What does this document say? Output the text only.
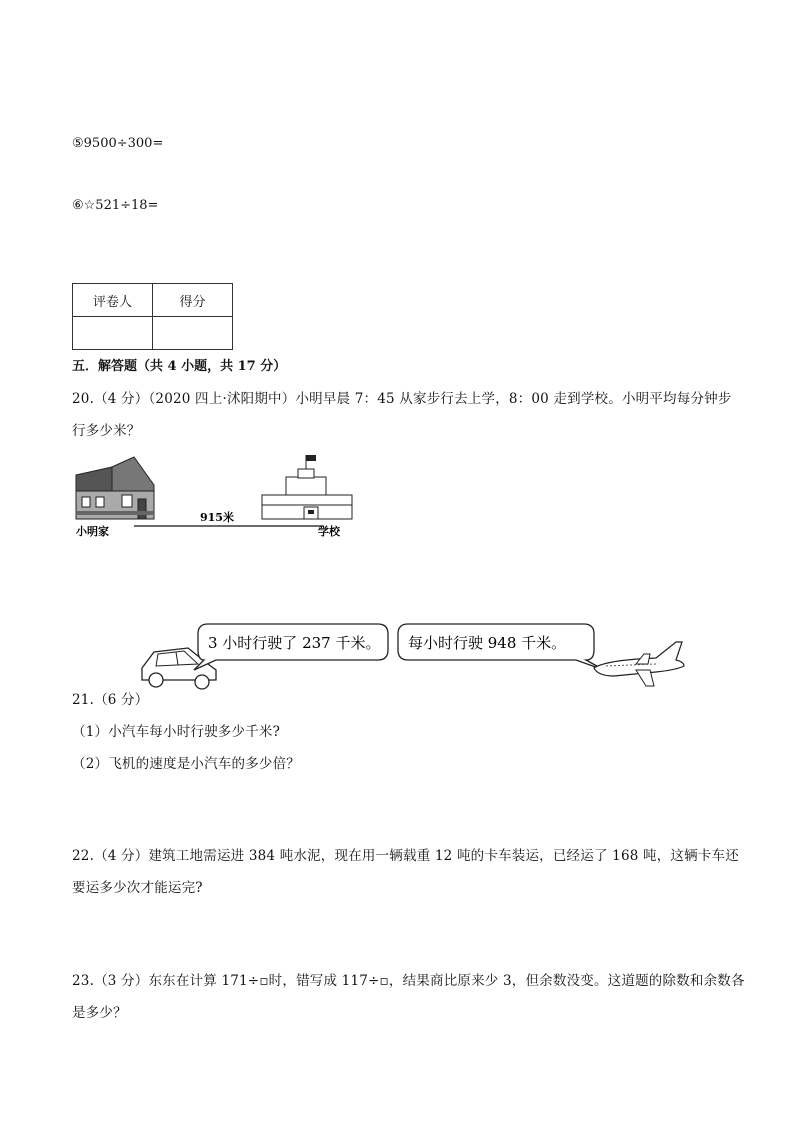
⑤9500÷300=
⑥☆521÷18=
评卷人	得分

五．解答题（共 4 小题，共 17 分）
20.（4 分）（2020 四上·沭阳期中）小明早晨 7：45 从家步行去上学，8：00 走到学校。小明平均每分钟步
行多少米？
小明家
915米
学校
3 小时行驶了 237 千米。 每小时行驶 948 千米。
21.（6 分）
（1）小汽车每小时行驶多少千米?
（2）飞机的速度是小汽车的多少倍？
22.（4 分）建筑工地需运进 384 吨水泥，现在用一辆载重 12 吨的卡车装运，已经运了 168 吨，这辆卡车还
要运多少次才能运完?
23.（3 分）东东在计算 171÷▫时，错写成 117÷▫，结果商比原来少 3，但余数没变。这道题的除数和余数各
是多少？
